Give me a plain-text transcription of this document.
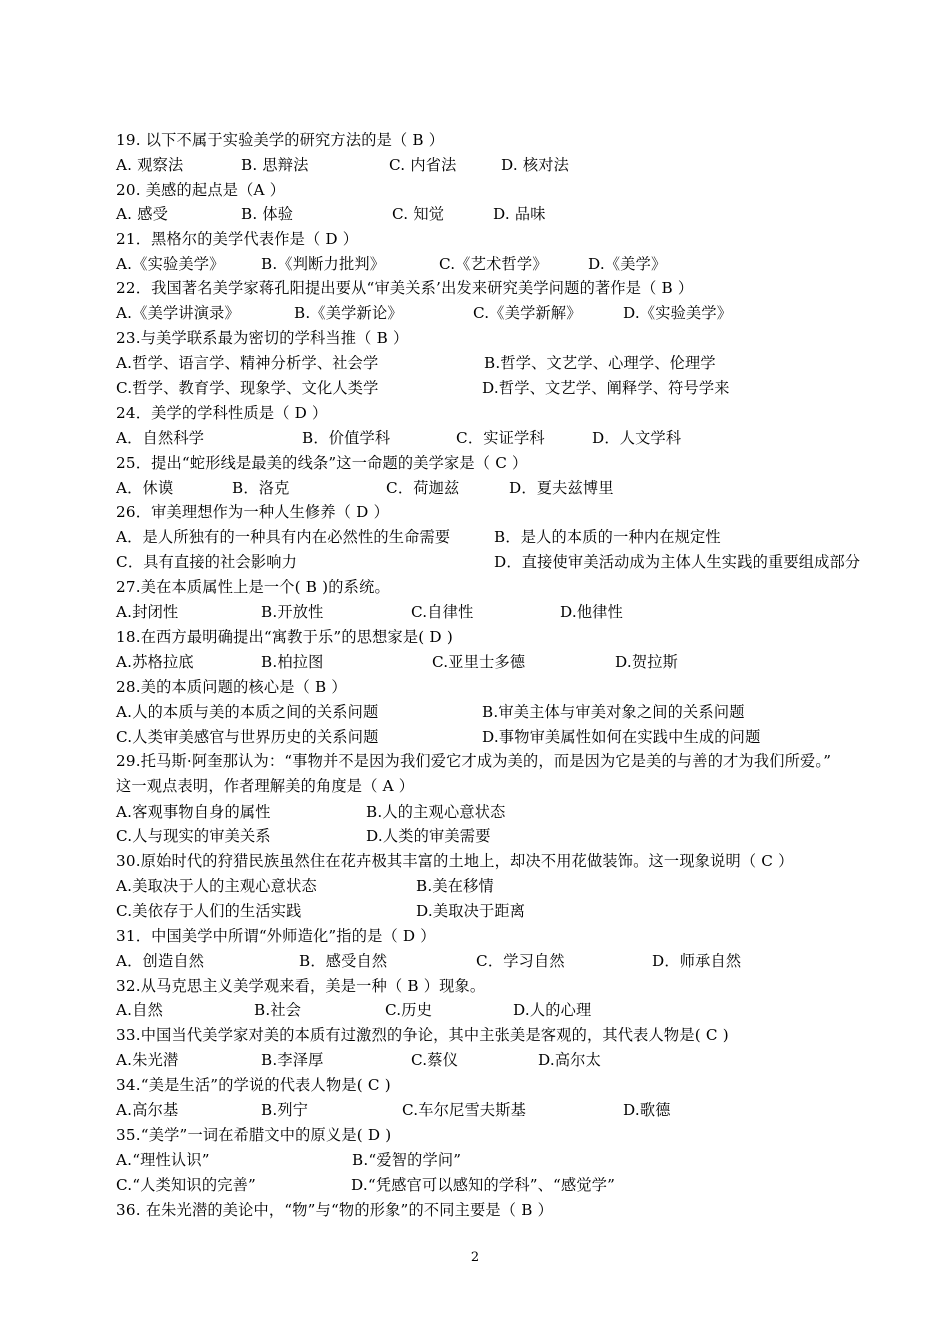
19. 以下不属于实验美学的研究方法的是（ B ）
A. 观察法	B. 思辩法	C. 内省法	D. 核对法
20. 美感的起点是（A ）
A. 感受	B. 体验	C. 知觉	D. 品味
21．黑格尔的美学代表作是（ D ）
A.《实验美学》 B.《判断力批判》	C.《艺术哲学》	D.《美学》
22．我国著名美学家蒋孔阳提出要从“审美关系’出发来研究美学问题的著作是（ B ）
A.《美学讲演录》	B.《美学新论》	C.《美学新解》	D.《实验美学》
23.与美学联系最为密切的学科当推（ B ）
A.哲学、语言学、精神分析学、社会学	B.哲学、文艺学、心理学、伦理学
C.哲学、教育学、现象学、文化人类学	D.哲学、文艺学、阐释学、符号学来
24．美学的学科性质是（ D ）
A．自然科学	B．价值学科	C．实证学科	D．人文学科
25．提出“蛇形线是最美的线条”这一命题的美学家是（ C ）
A．休谟	B．洛克	C．荷迦兹	D．夏夫兹博里
26．审美理想作为一种人生修养（ D ）
A．是人所独有的一种具有内在必然性的生命需要	B．是人的本质的一种内在规定性
C．具有直接的社会影响力	D．直接使审美活动成为主体人生实践的重要组成部分
27.美在本质属性上是一个( B )的系统。
A.封闭性	B.开放性	C.自律性	D.他律性
18.在西方最明确提出“寓教于乐”的思想家是( D )
A.苏格拉底	B.柏拉图	C.亚里士多德	D.贺拉斯
28.美的本质问题的核心是（ B ）
A.人的本质与美的本质之间的关系问题	B.审美主体与审美对象之间的关系问题
C.人类审美感官与世界历史的关系问题	D.事物审美属性如何在实践中生成的问题
29.托马斯·阿奎那认为：“事物并不是因为我们爱它才成为美的，而是因为它是美的与善的才为我们所爱。”
这一观点表明，作者理解美的角度是（ A ）
A.客观事物自身的属性	B.人的主观心意状态
C.人与现实的审美关系	D.人类的审美需要
30.原始时代的狩猎民族虽然住在花卉极其丰富的土地上，却决不用花做装饰。这一现象说明（ C ）
A.美取决于人的主观心意状态	B.美在移情
C.美依存于人们的生活实践	D.美取决于距离
31．中国美学中所谓“外师造化”指的是（ D ）
A．创造自然	B．感受自然	C．学习自然	D．师承自然
32.从马克思主义美学观来看，美是一种（ B ）现象。
A.自然	B.社会	C.历史	D.人的心理
33.中国当代美学家对美的本质有过激烈的争论，其中主张美是客观的，其代表人物是( C )
A.朱光潜	B.李泽厚	C.蔡仪	D.高尔太
34.“美是生活”的学说的代表人物是( C )
A.高尔基	B.列宁	C.车尔尼雪夫斯基	D.歌德
35.“美学”一词在希腊文中的原义是( D )
A.“理性认识”	B.“爱智的学问”
C.“人类知识的完善”	D.“凭感官可以感知的学科”、“感觉学”
36. 在朱光潜的美论中，“物”与“物的形象”的不同主要是（ B ）
2
